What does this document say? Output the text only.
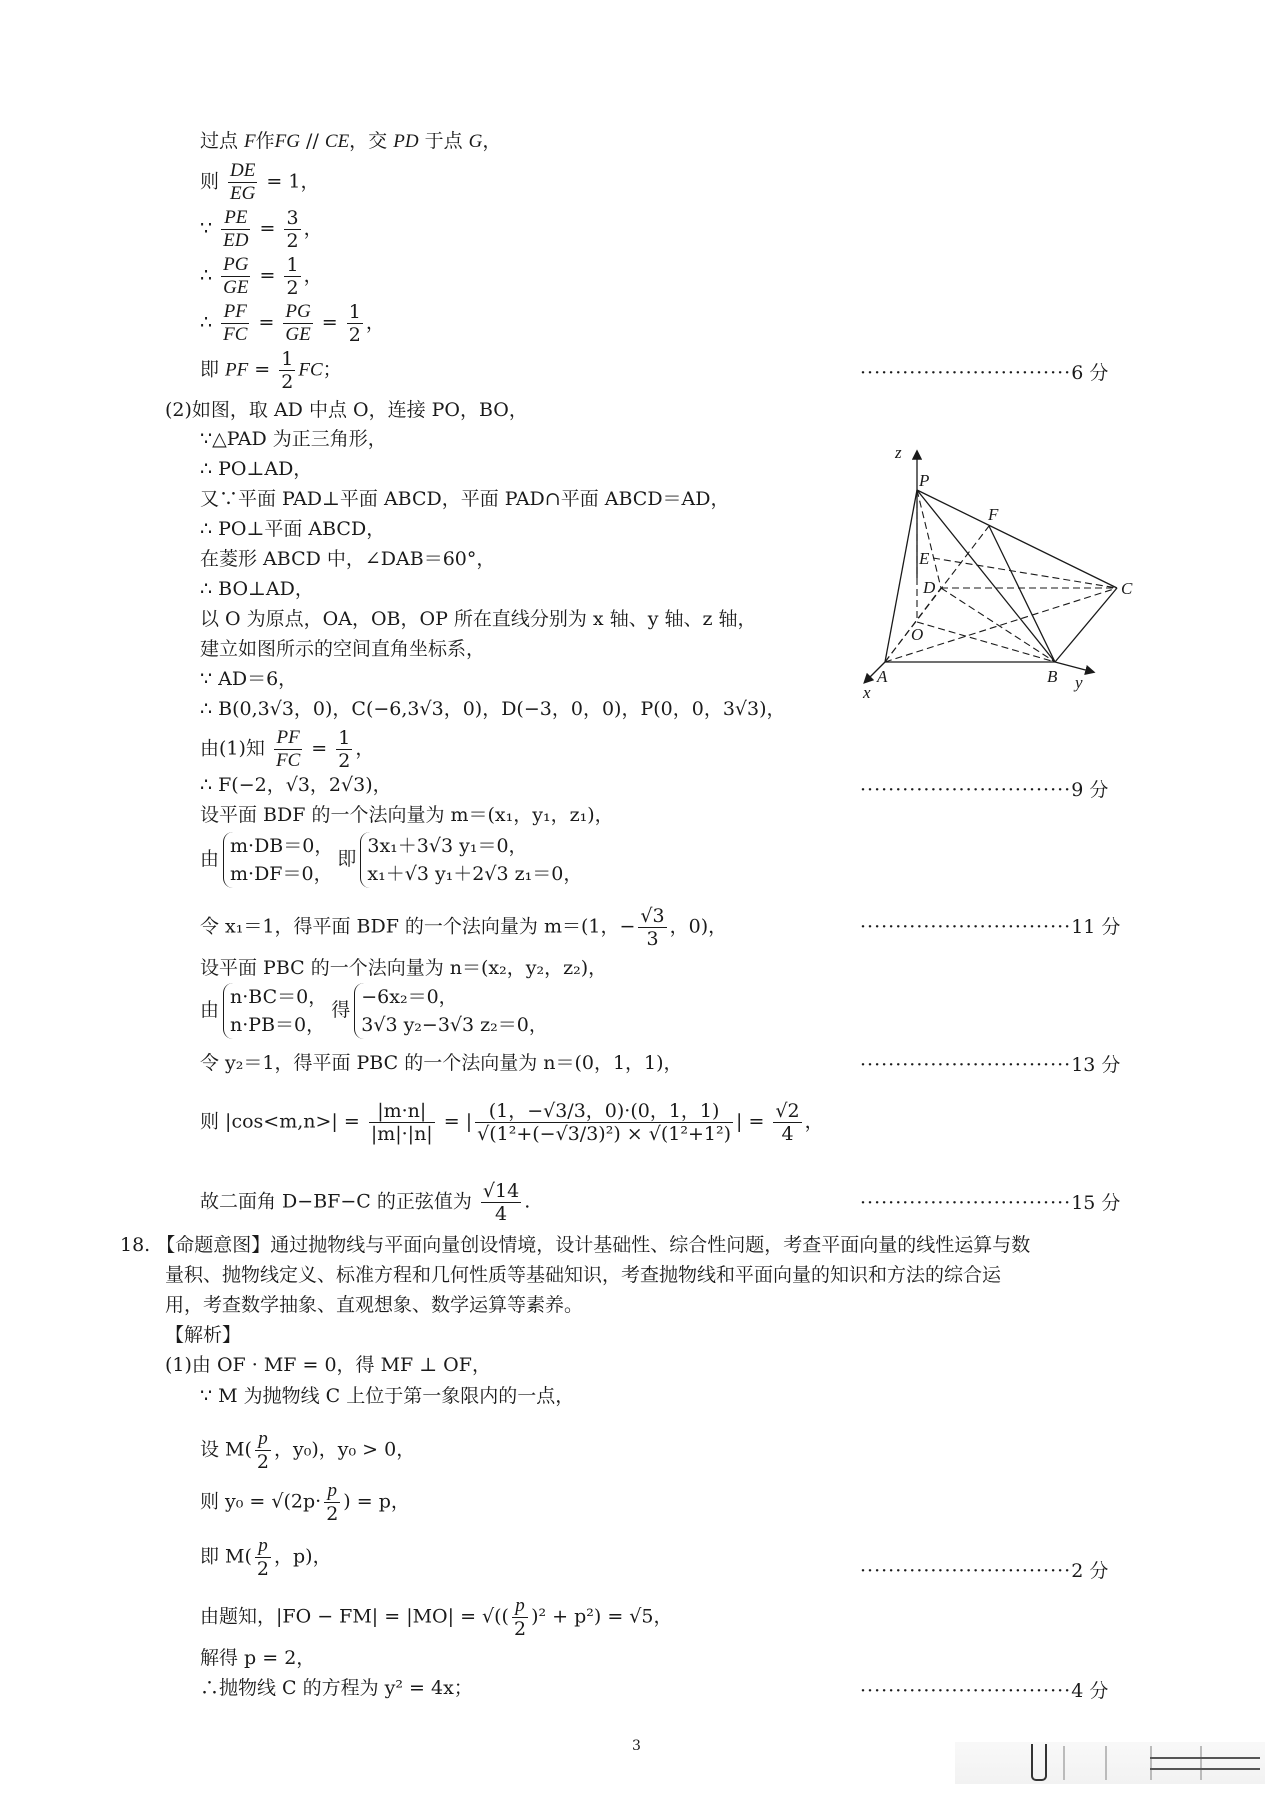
过点 F作FG // CE，交 PD 于点 G，
则 $\frac{DE}{EG} = 1$，
∵ $\frac{PE}{ED} = \frac{3}{2}$ ，
∴ $\frac{PG}{GE} = \frac{1}{2}$ ，
∴ $\frac{PF}{FC} = \frac{PG}{GE} = \frac{1}{2}$ ，
即 PF = $\frac{1}{2}$ FC；	······························6 分
(2)如图，取 AD 中点 O，连接 PO，BO，
∵△PAD 为正三角形，
∴ PO⊥AD，
又∵平面 PAD⊥平面 ABCD，平面 PAD∩平面 ABCD＝AD，
∴ PO⊥平面 ABCD，
在菱形 ABCD 中，∠DAB＝60°，
∴ BO⊥AD，
以 O 为原点，OA，OB，OP 所在直线分别为 x 轴、y 轴、z 轴，
建立如图所示的空间直角坐标系，
∵ AD＝6，
∴ B(0,3√3，0)，C(−6,3√3，0)，D(−3，0，0)，P(0，0，3√3)，
由(1)知 $\frac{PF}{FC} = \frac{1}{2}$ ，
∴ F(−2，√3，2√3)，	······························9 分
设平面 BDF 的一个法向量为 m＝(x₁，y₁，z₁)，
由
m·DB＝0，
m·DF＝0，
即
3x₁＋3√3 y₁＝0，
x₁＋√3 y₁＋2√3 z₁＝0，
令 x₁＝1，得平面 BDF 的一个法向量为 m＝(1，− $\frac{√3}{3}$ ，0)，	······························11 分
设平面 PBC 的一个法向量为 n＝(x₂，y₂，z₂)，
由
n·BC＝0，
n·PB＝0，
得
−6x₂＝0，
3√3 y₂−3√3 z₂＝0，
令 y₂＝1，得平面 PBC 的一个法向量为 n＝(0，1，1)，	······························13 分
则 $|\cos<m,n>| = \frac{|m\cdot n|}{|m|\cdot|n|}$ = | $\frac{(1,-√3/3,0)\cdot(0,1,1)}{\text{√(1²+(−√3/3)²) × √(1²+1²)}}$ | = $\frac{√2}{4}$ ，
故二面角 D−BF−C 的正弦值为 $\frac{√14}{4}$ .	······························15 分
z
P
F
E
D	C
O
A	B y
x
18. 【命题意图】通过抛物线与平面向量创设情境，设计基础性、综合性问题，考查平面向量的线性运算与数
量积、抛物线定义、标准方程和几何性质等基础知识，考查抛物线和平面向量的知识和方法的综合运
用，考查数学抽象、直观想象、数学运算等素养。
【解析】
(1)由 OF · MF = 0，得 MF ⊥ OF，
∵ M 为抛物线 C 上位于第一象限内的一点，
设 $M( \frac{p}{2}$ ，y₀)，y₀ > 0，
则 $y_0 = √(2p\cdot \frac{p}{2}$ ) = p，
即 $M( \frac{p}{2}$ ，p)，
······························2 分
由题知，|FO − FM| = |MO| = √(( $\frac{p}{2} )^2 + p^2) = √5$，
解得 p = 2，
∴抛物线 C 的方程为 y² = 4x；	······························4 分
3
